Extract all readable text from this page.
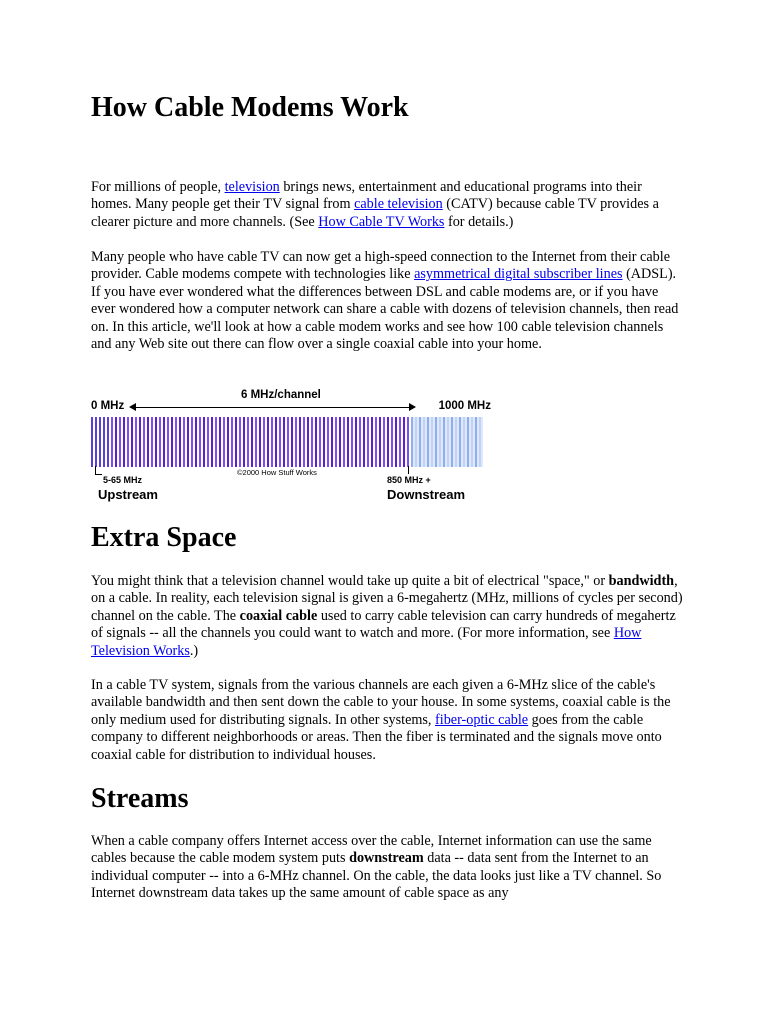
How Cable Modems Work

For millions of people, television brings news, entertainment and educational programs into their homes. Many people get their TV signal from cable television (CATV) because cable TV provides a clearer picture and more channels. (See How Cable TV Works for details.)

Many people who have cable TV can now get a high-speed connection to the Internet from their cable provider. Cable modems compete with technologies like asymmetrical digital subscriber lines (ADSL). If you have ever wondered what the differences between DSL and cable modems are, or if you have ever wondered how a computer network can share a cable with dozens of television channels, then read on. In this article, we'll look at how a cable modem works and see how 100 cable television channels and any Web site out there can flow over a single coaxial cable into your home.

0 MHz
6 MHz/channel
1000 MHz
©2000 How Stuff Works
5-65 MHz
Upstream
850 MHz +
Downstream
Extra Space

You might think that a television channel would take up quite a bit of electrical "space," or bandwidth, on a cable. In reality, each television signal is given a 6-megahertz (MHz, millions of cycles per second) channel on the cable. The coaxial cable used to carry cable television can carry hundreds of megahertz of signals -- all the channels you could want to watch and more. (For more information, see How Television Works.)

In a cable TV system, signals from the various channels are each given a 6-MHz slice of the cable's available bandwidth and then sent down the cable to your house. In some systems, coaxial cable is the only medium used for distributing signals. In other systems, fiber-optic cable goes from the cable company to different neighborhoods or areas. Then the fiber is terminated and the signals move onto coaxial cable for distribution to individual houses.

Streams

When a cable company offers Internet access over the cable, Internet information can use the same cables because the cable modem system puts downstream data -- data sent from the Internet to an individual computer -- into a 6-MHz channel. On the cable, the data looks just like a TV channel. So Internet downstream data takes up the same amount of cable space as any
